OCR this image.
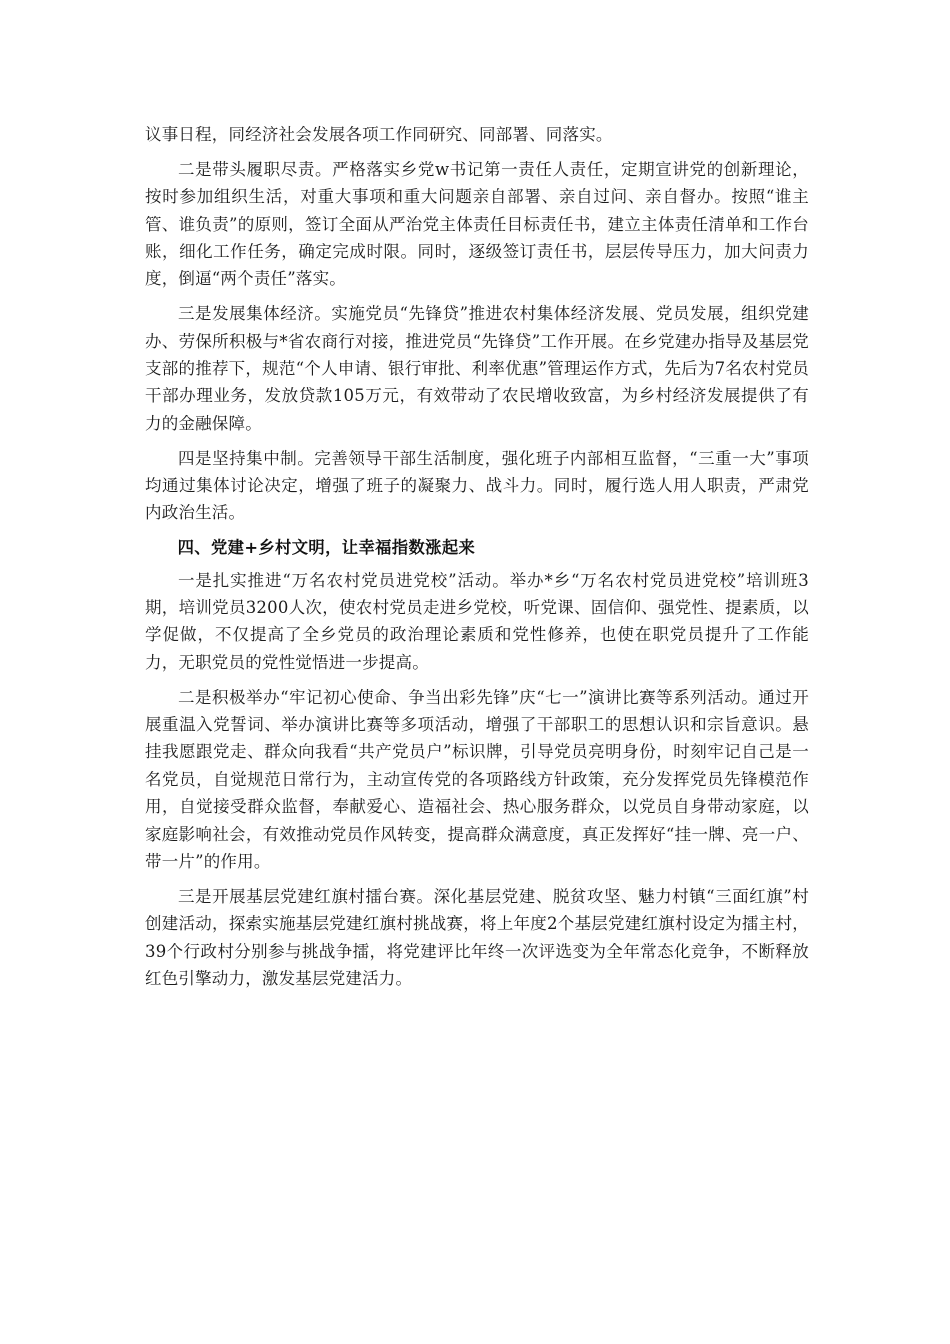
议事日程，同经济社会发展各项工作同研究、同部署、同落实。

二是带头履职尽责。严格落实乡党w书记第一责任人责任，定期宣讲党的创新理论，按时参加组织生活，对重大事项和重大问题亲自部署、亲自过问、亲自督办。按照“谁主管、谁负责”的原则，签订全面从严治党主体责任目标责任书，建立主体责任清单和工作台账，细化工作任务，确定完成时限。同时，逐级签订责任书，层层传导压力，加大问责力度，倒逼“两个责任”落实。

三是发展集体经济。实施党员“先锋贷”推进农村集体经济发展、党员发展，组织党建办、劳保所积极与*省农商行对接，推进党员“先锋贷”工作开展。在乡党建办指导及基层党支部的推荐下，规范“个人申请、银行审批、利率优惠”管理运作方式，先后为7名农村党员干部办理业务，发放贷款105万元，有效带动了农民增收致富，为乡村经济发展提供了有力的金融保障。

四是坚持集中制。完善领导干部生活制度，强化班子内部相互监督，“三重一大”事项均通过集体讨论决定，增强了班子的凝聚力、战斗力。同时，履行选人用人职责，严肃党内政治生活。

四、党建+乡村文明，让幸福指数涨起来

一是扎实推进“万名农村党员进党校”活动。举办*乡“万名农村党员进党校”培训班3期，培训党员3200人次，使农村党员走进乡党校，听党课、固信仰、强党性、提素质，以学促做，不仅提高了全乡党员的政治理论素质和党性修养，也使在职党员提升了工作能力，无职党员的党性觉悟进一步提高。

二是积极举办“牢记初心使命、争当出彩先锋”庆“七一”演讲比赛等系列活动。通过开展重温入党誓词、举办演讲比赛等多项活动，增强了干部职工的思想认识和宗旨意识。悬挂我愿跟党走、群众向我看“共产党员户”标识牌，引导党员亮明身份，时刻牢记自己是一名党员，自觉规范日常行为，主动宣传党的各项路线方针政策，充分发挥党员先锋模范作用，自觉接受群众监督，奉献爱心、造福社会、热心服务群众，以党员自身带动家庭，以家庭影响社会，有效推动党员作风转变，提高群众满意度，真正发挥好“挂一牌、亮一户、带一片”的作用。

三是开展基层党建红旗村擂台赛。深化基层党建、脱贫攻坚、魅力村镇“三面红旗”村创建活动，探索实施基层党建红旗村挑战赛，将上年度2个基层党建红旗村设定为擂主村，39个行政村分别参与挑战争擂，将党建评比年终一次评选变为全年常态化竞争，不断释放红色引擎动力，激发基层党建活力。
